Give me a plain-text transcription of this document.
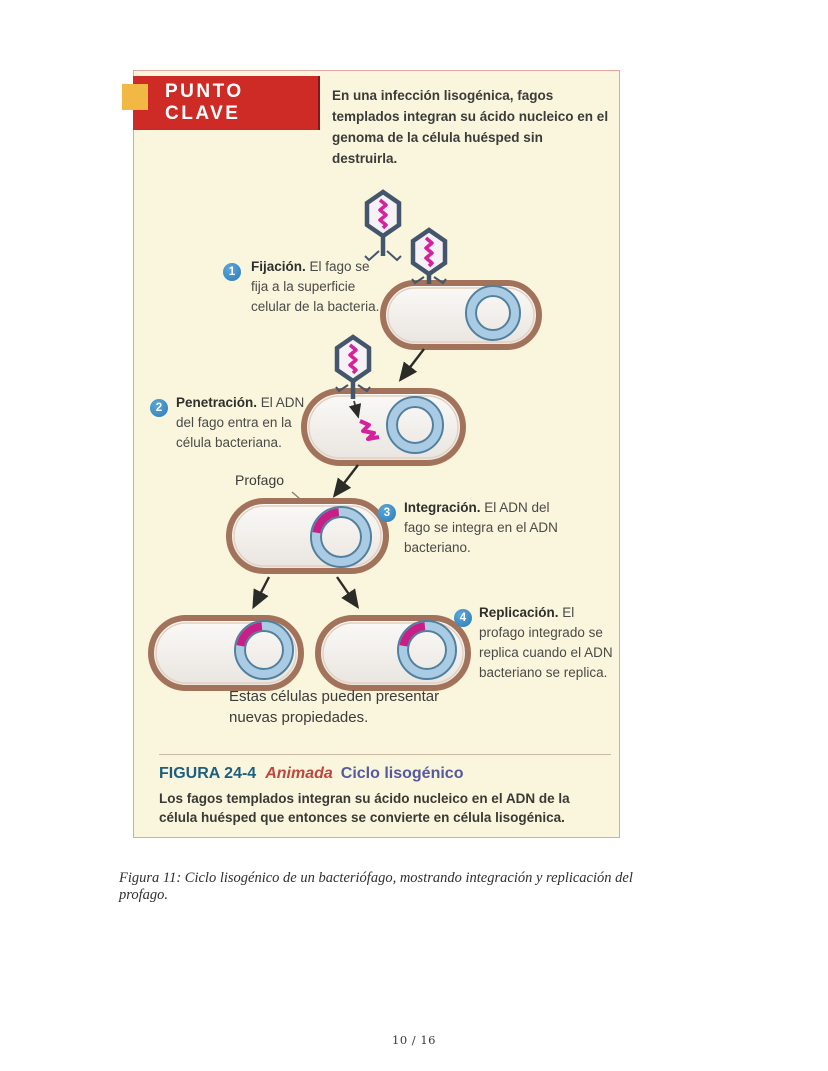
PUNTO CLAVE

En una infección lisogénica, fagos templados integran su ácido nucleico en el genoma de la célula huésped sin destruirla.

1 Fijación. El fago se fija a la superficie celular de la bacteria.

2 Penetración. El ADN del fago entra en la célula bacteriana.

Profago

3 Integración. El ADN del fago se integra en el ADN bacteriano.

4 Replicación. El profago integrado se replica cuando el ADN bacteriano se replica.

Estas células pueden presentar nuevas propiedades.

FIGURA 24-4 Animada Ciclo lisogénico

Los fagos templados integran su ácido nucleico en el ADN de la célula huésped que entonces se convierte en célula lisogénica.

Figura 11: Ciclo lisogénico de un bacteriófago, mostrando integración y replicación del profago.

10 / 16
